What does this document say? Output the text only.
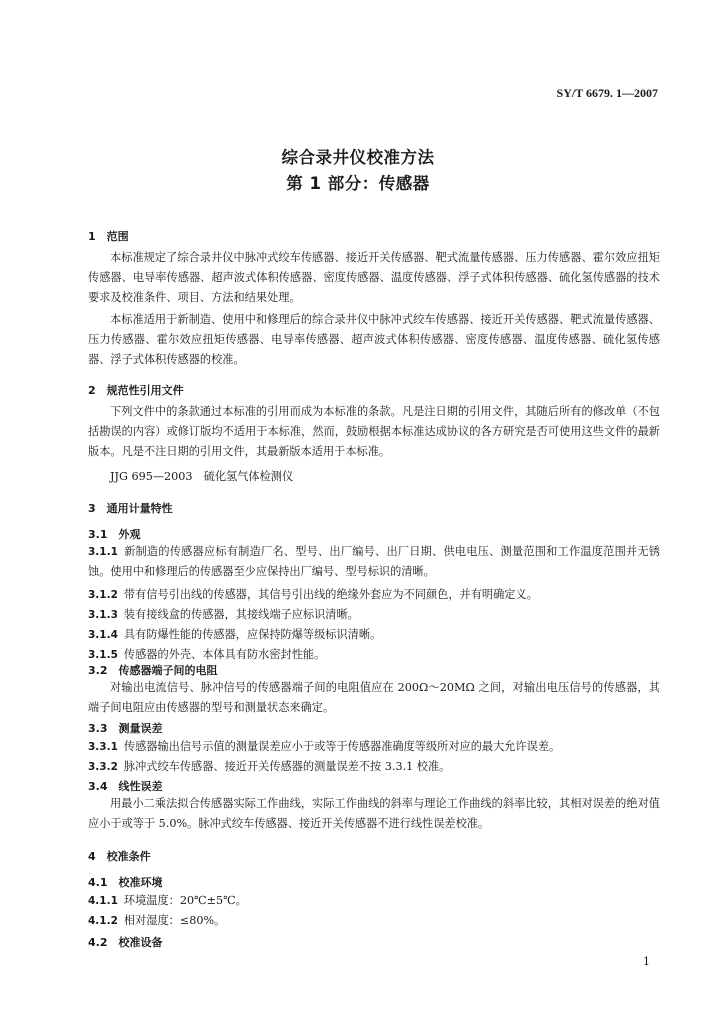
SY/T 6679. 1—2007
综合录井仪校准方法
第 1 部分：传感器
1　范围
本标准规定了综合录井仪中脉冲式绞车传感器、接近开关传感器、靶式流量传感器、压力传感器、霍尔效应扭矩传感器、电导率传感器、超声波式体积传感器、密度传感器、温度传感器、浮子式体积传感器、硫化氢传感器的技术要求及校准条件、项目、方法和结果处理。
本标准适用于新制造、使用中和修理后的综合录井仪中脉冲式绞车传感器、接近开关传感器、靶式流量传感器、压力传感器、霍尔效应扭矩传感器、电导率传感器、超声波式体积传感器、密度传感器、温度传感器、硫化氢传感器、浮子式体积传感器的校准。
2　规范性引用文件
下列文件中的条款通过本标准的引用而成为本标准的条款。凡是注日期的引用文件，其随后所有的修改单（不包括勘误的内容）或修订版均不适用于本标准，然而，鼓励根据本标准达成协议的各方研究是否可使用这些文件的最新版本。凡是不注日期的引用文件，其最新版本适用于本标准。
JJG 695—2003　硫化氢气体检测仪
3　通用计量特性
3.1　外观
3.1.1 新制造的传感器应标有制造厂名、型号、出厂编号、出厂日期、供电电压、测量范围和工作温度范围并无锈蚀。使用中和修理后的传感器至少应保持出厂编号、型号标识的清晰。
3.1.2 带有信号引出线的传感器，其信号引出线的绝缘外套应为不同颜色，并有明确定义。
3.1.3 装有接线盒的传感器，其接线端子应标识清晰。
3.1.4 具有防爆性能的传感器，应保持防爆等级标识清晰。
3.1.5 传感器的外壳、本体具有防水密封性能。
3.2　传感器端子间的电阻
对输出电流信号、脉冲信号的传感器端子间的电阻值应在 200Ω～20MΩ 之间，对输出电压信号的传感器，其端子间电阻应由传感器的型号和测量状态来确定。
3.3　测量误差
3.3.1 传感器输出信号示值的测量误差应小于或等于传感器准确度等级所对应的最大允许误差。
3.3.2 脉冲式绞车传感器、接近开关传感器的测量误差不按 3.3.1 校准。
3.4　线性误差
用最小二乘法拟合传感器实际工作曲线，实际工作曲线的斜率与理论工作曲线的斜率比较，其相对误差的绝对值应小于或等于 5.0%。脉冲式绞车传感器、接近开关传感器不进行线性误差校准。
4　校准条件
4.1　校准环境
4.1.1 环境温度：20℃±5℃。
4.1.2 相对湿度：≤80%。
4.2　校准设备
1
